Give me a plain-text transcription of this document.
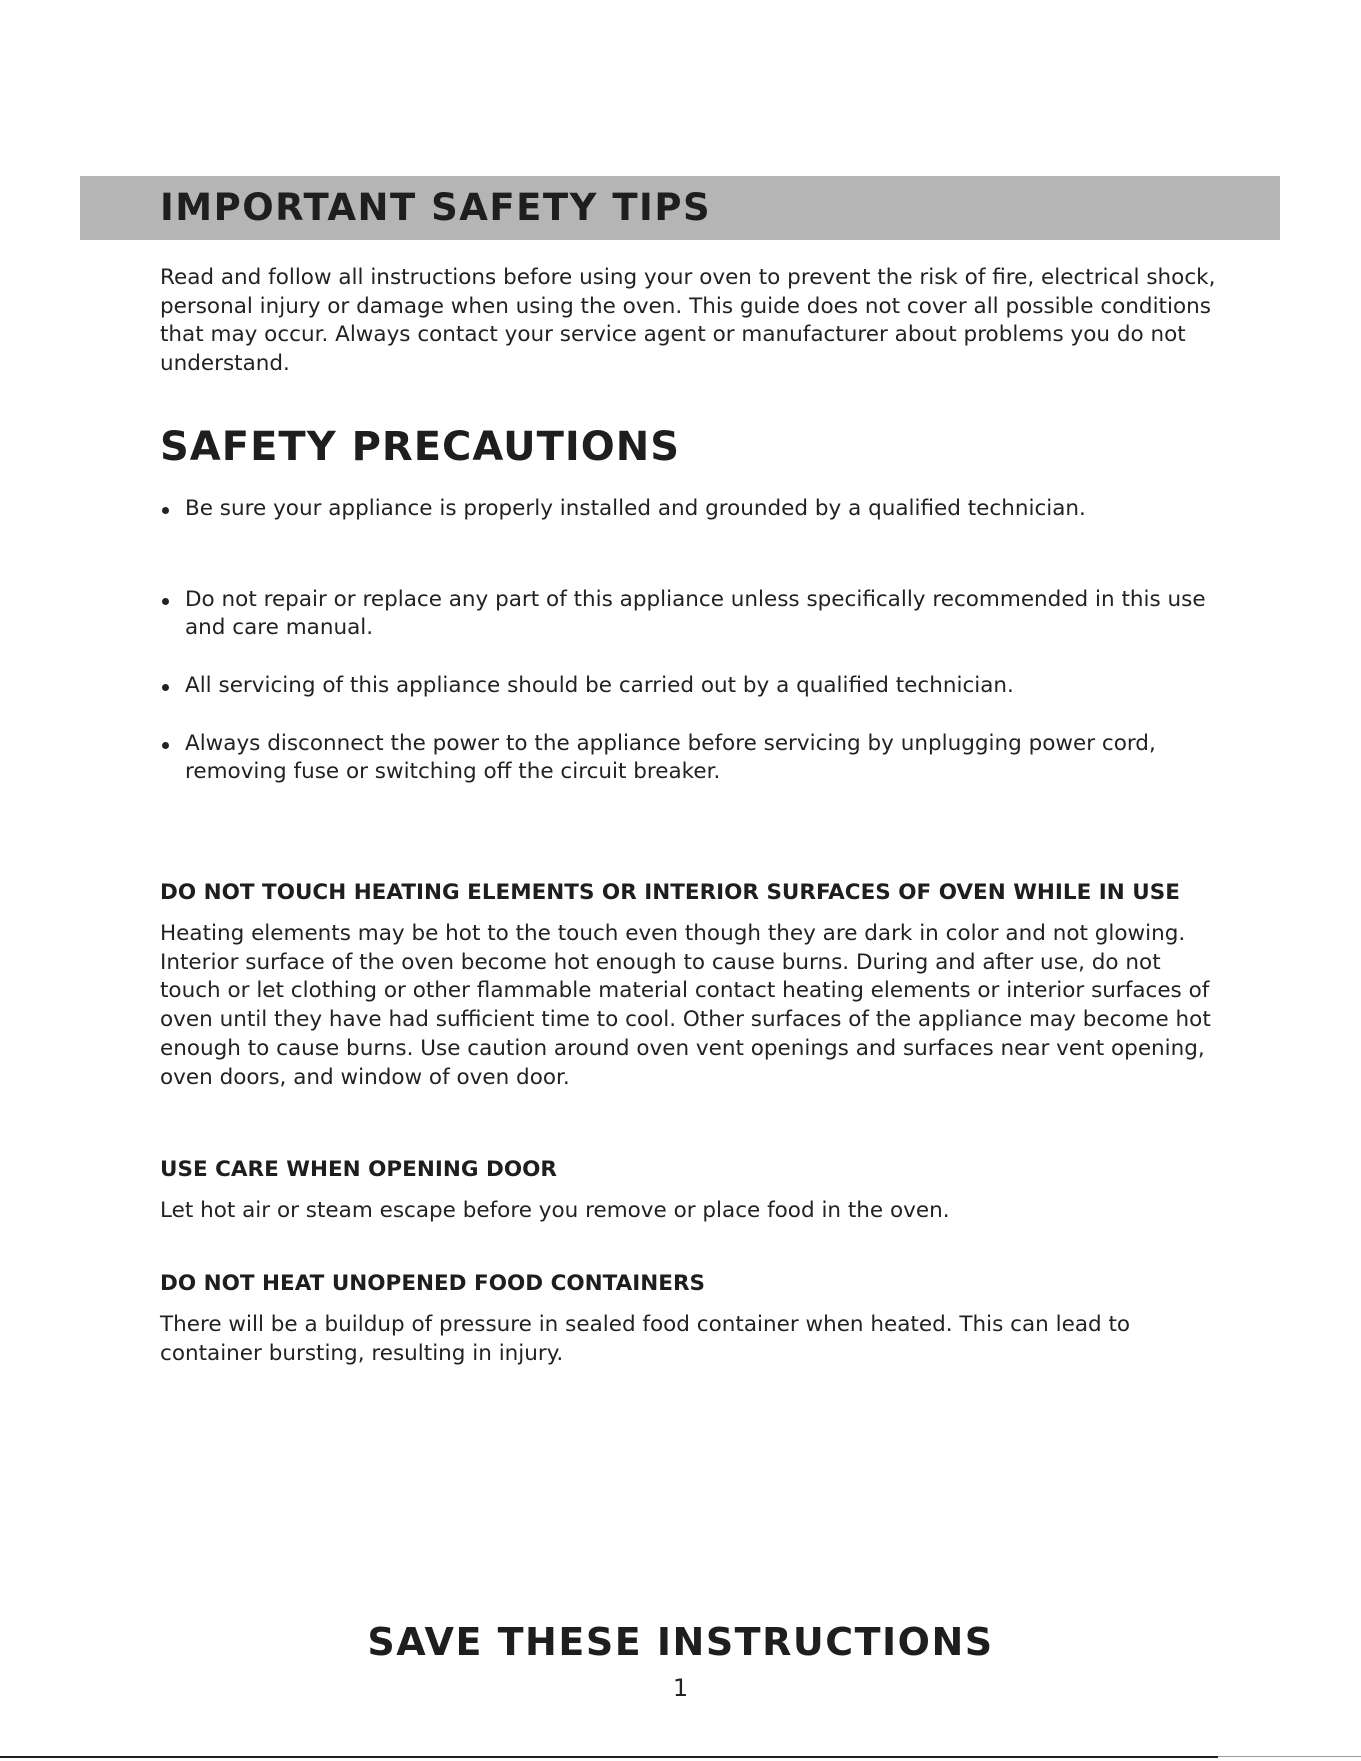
IMPORTANT SAFETY TIPS

Read and follow all instructions before using your oven to prevent the risk of fire, electrical shock, personal injury or damage when using the oven. This guide does not cover all possible conditions that may occur. Always contact your service agent or manufacturer about problems you do not understand.

SAFETY PRECAUTIONS
Be sure your appliance is properly installed and grounded by a qualified technician.
Do not repair or replace any part of this appliance unless specifically recommended in this use and care manual.
All servicing of this appliance should be carried out by a qualified technician.
Always disconnect the power to the appliance before servicing by unplugging power cord, removing fuse or switching off the circuit breaker.
DO NOT TOUCH HEATING ELEMENTS OR INTERIOR SURFACES OF OVEN WHILE IN USE

Heating elements may be hot to the touch even though they are dark in color and not glowing. Interior surface of the oven become hot enough to cause burns. During and after use, do not touch or let clothing or other flammable material contact heating elements or interior surfaces of oven until they have had sufficient time to cool. Other surfaces of the appliance may become hot enough to cause burns. Use caution around oven vent openings and surfaces near vent opening, oven doors, and window of oven door.

USE CARE WHEN OPENING DOOR

Let hot air or steam escape before you remove or place food in the oven.

DO NOT HEAT UNOPENED FOOD CONTAINERS

There will be a buildup of pressure in sealed food container when heated. This can lead to container bursting, resulting in injury.

SAVE THESE INSTRUCTIONS
1
